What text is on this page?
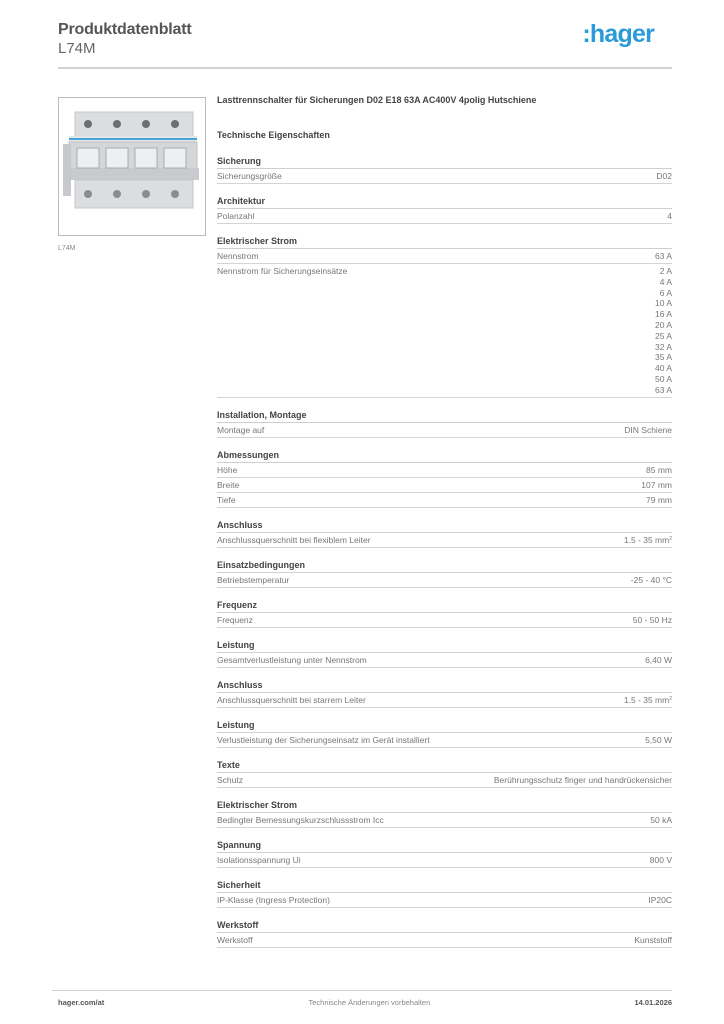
Produktdatenblatt
L74M
:hager
L74M
Lasttrennschalter für Sicherungen D02 E18 63A AC400V 4polig Hutschiene
Technische Eigenschaften
Sicherung
Sicherungsgröße	D02
Architektur
Polanzahl	4
Elektrischer Strom
Nennstrom	63 A
Nennstrom für Sicherungseinsätze	2 A
4 A
6 A
10 A
16 A
20 A
25 A
32 A
35 A
40 A
50 A
63 A
Installation, Montage
Montage auf	DIN Schiene
Abmessungen
Höhe	85 mm
Breite	107 mm
Tiefe	79 mm
Anschluss
Anschlussquerschnitt bei flexiblem Leiter	1.5 - 35 $mm^2$
Einsatzbedingungen
Betriebstemperatur	-25 - 40 °C
Frequenz
Frequenz	50 - 50 Hz
Leistung
Gesamtverlustleistung unter Nennstrom	6,40 W
Anschluss
Anschlussquerschnitt bei starrem Leiter	1.5 - 35 $mm^2$
Leistung
Verlustleistung der Sicherungseinsatz im Gerät installiert	5,50 W
Texte
Schutz	Berührungsschutz finger und handrückensicher
Elektrischer Strom
Bedingter Bemessungskurzschlussstrom Icc	50 kA
Spannung
Isolationsspannung Ui	800 V
Sicherheit
IP-Klasse (Ingress Protection)	IP20C
Werkstoff
Werkstoff	Kunststoff
hager.com/at	Technische Änderungen vorbehalten	14.01.2026
